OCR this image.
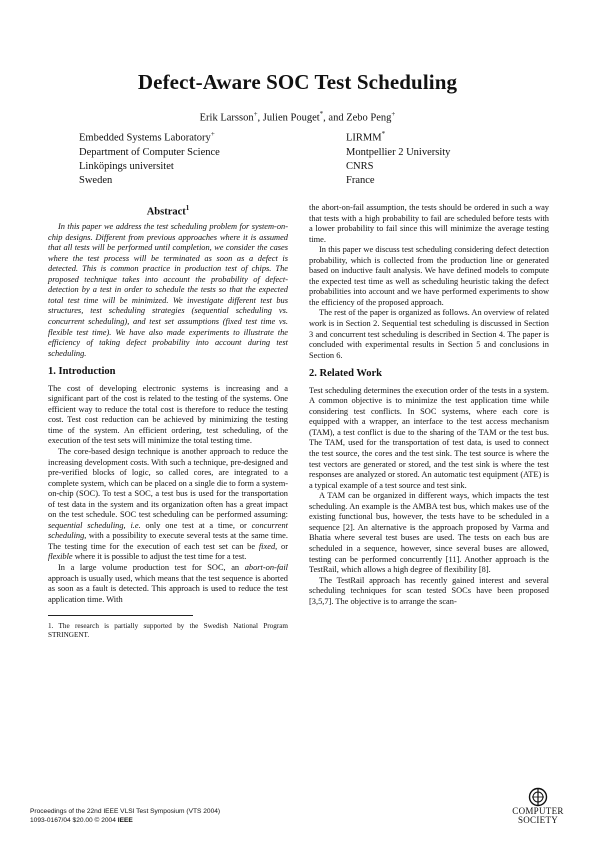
Defect-Aware SOC Test Scheduling
Erik Larsson+, Julien Pouget*, and Zebo Peng+
Embedded Systems Laboratory+
Department of Computer Science
Linköpings universitet
Sweden
LIRMM*
Montpellier 2 University
CNRS
France
Abstract$^1$

In this paper we address the test scheduling problem for system-on-chip designs. Different from previous approaches where it is assumed that all tests will be performed until completion, we consider the cases where the test process will be terminated as soon as a defect is detected. This is common practice in production test of chips. The proposed technique takes into account the probability of defect-detection by a test in order to schedule the tests so that the expected total test time will be minimized. We investigate different test bus structures, test scheduling strategies (sequential scheduling vs. concurrent scheduling), and test set assumptions (fixed test time vs. flexible test time). We have also made experiments to illustrate the efficiency of taking defect probability into account during test scheduling.

1. Introduction

The cost of developing electronic systems is increasing and a significant part of the cost is related to the testing of the systems. One efficient way to reduce the total cost is therefore to reduce the testing cost. Test cost reduction can be achieved by minimizing the testing time of the system. An efficient ordering, test scheduling, of the execution of the test sets will minimize the total testing time.

The core-based design technique is another approach to reduce the increasing development costs. With such a technique, pre-designed and pre-verified blocks of logic, so called cores, are integrated to a complete system, which can be placed on a single die to form a system-on-chip (SOC). To test a SOC, a test bus is used for the transportation of test data in the system and its organization often has a great impact on the test schedule. SOC test scheduling can be performed assuming: sequential scheduling, i.e. only one test at a time, or concurrent scheduling, with a possibility to execute several tests at the same time. The testing time for the execution of each test set can be fixed, or flexible where it is possible to adjust the test time for a test.

In a large volume production test for SOC, an abort-on-fail approach is usually used, which means that the test sequence is aborted as soon as a fault is detected. This approach is used to reduce the test application time. With

1. The research is partially supported by the Swedish National Program STRINGENT.

the abort-on-fail assumption, the tests should be ordered in such a way that tests with a high probability to fail are scheduled before tests with a lower probability to fail since this will minimize the average testing time.

In this paper we discuss test scheduling considering defect detection probability, which is collected from the production line or generated based on inductive fault analysis. We have defined models to compute the expected test time as well as scheduling heuristic taking the defect probabilities into account and we have performed experiments to show the efficiency of the proposed approach.

The rest of the paper is organized as follows. An overview of related work is in Section 2. Sequential test scheduling is discussed in Section 3 and concurrent test scheduling is described in Section 4. The paper is concluded with experimental results in Section 5 and conclusions in Section 6.

2. Related Work

Test scheduling determines the execution order of the tests in a system. A common objective is to minimize the test application time while considering test conflicts. In SOC systems, where each core is equipped with a wrapper, an interface to the test access mechanism (TAM), a test conflict is due to the sharing of the TAM or the test bus. The TAM, used for the transportation of test data, is used to connect the test source, the cores and the test sink. The test source is where the test vectors are generated or stored, and the test sink is where the test responses are analyzed or stored. An automatic test equipment (ATE) is a typical example of a test source and test sink.

A TAM can be organized in different ways, which impacts the test scheduling. An example is the AMBA test bus, which makes use of the existing functional bus, however, the tests have to be scheduled in a sequence [2]. An alternative is the approach proposed by Varma and Bhatia where several test buses are used. The tests on each bus are scheduled in a sequence, however, since several buses are allowed, testing can be performed concurrently [11]. Another approach is the TestRail, which allows a high degree of flexibility [8].

The TestRail approach has recently gained interest and several scheduling techniques for scan tested SOCs have been proposed [3,5,7]. The objective is to arrange the scan-

Proceedings of the 22nd IEEE VLSI Test Symposium (VTS 2004)
1093-0167/04 $20.00 © 2004 IEEE
COMPUTER
SOCIETY
